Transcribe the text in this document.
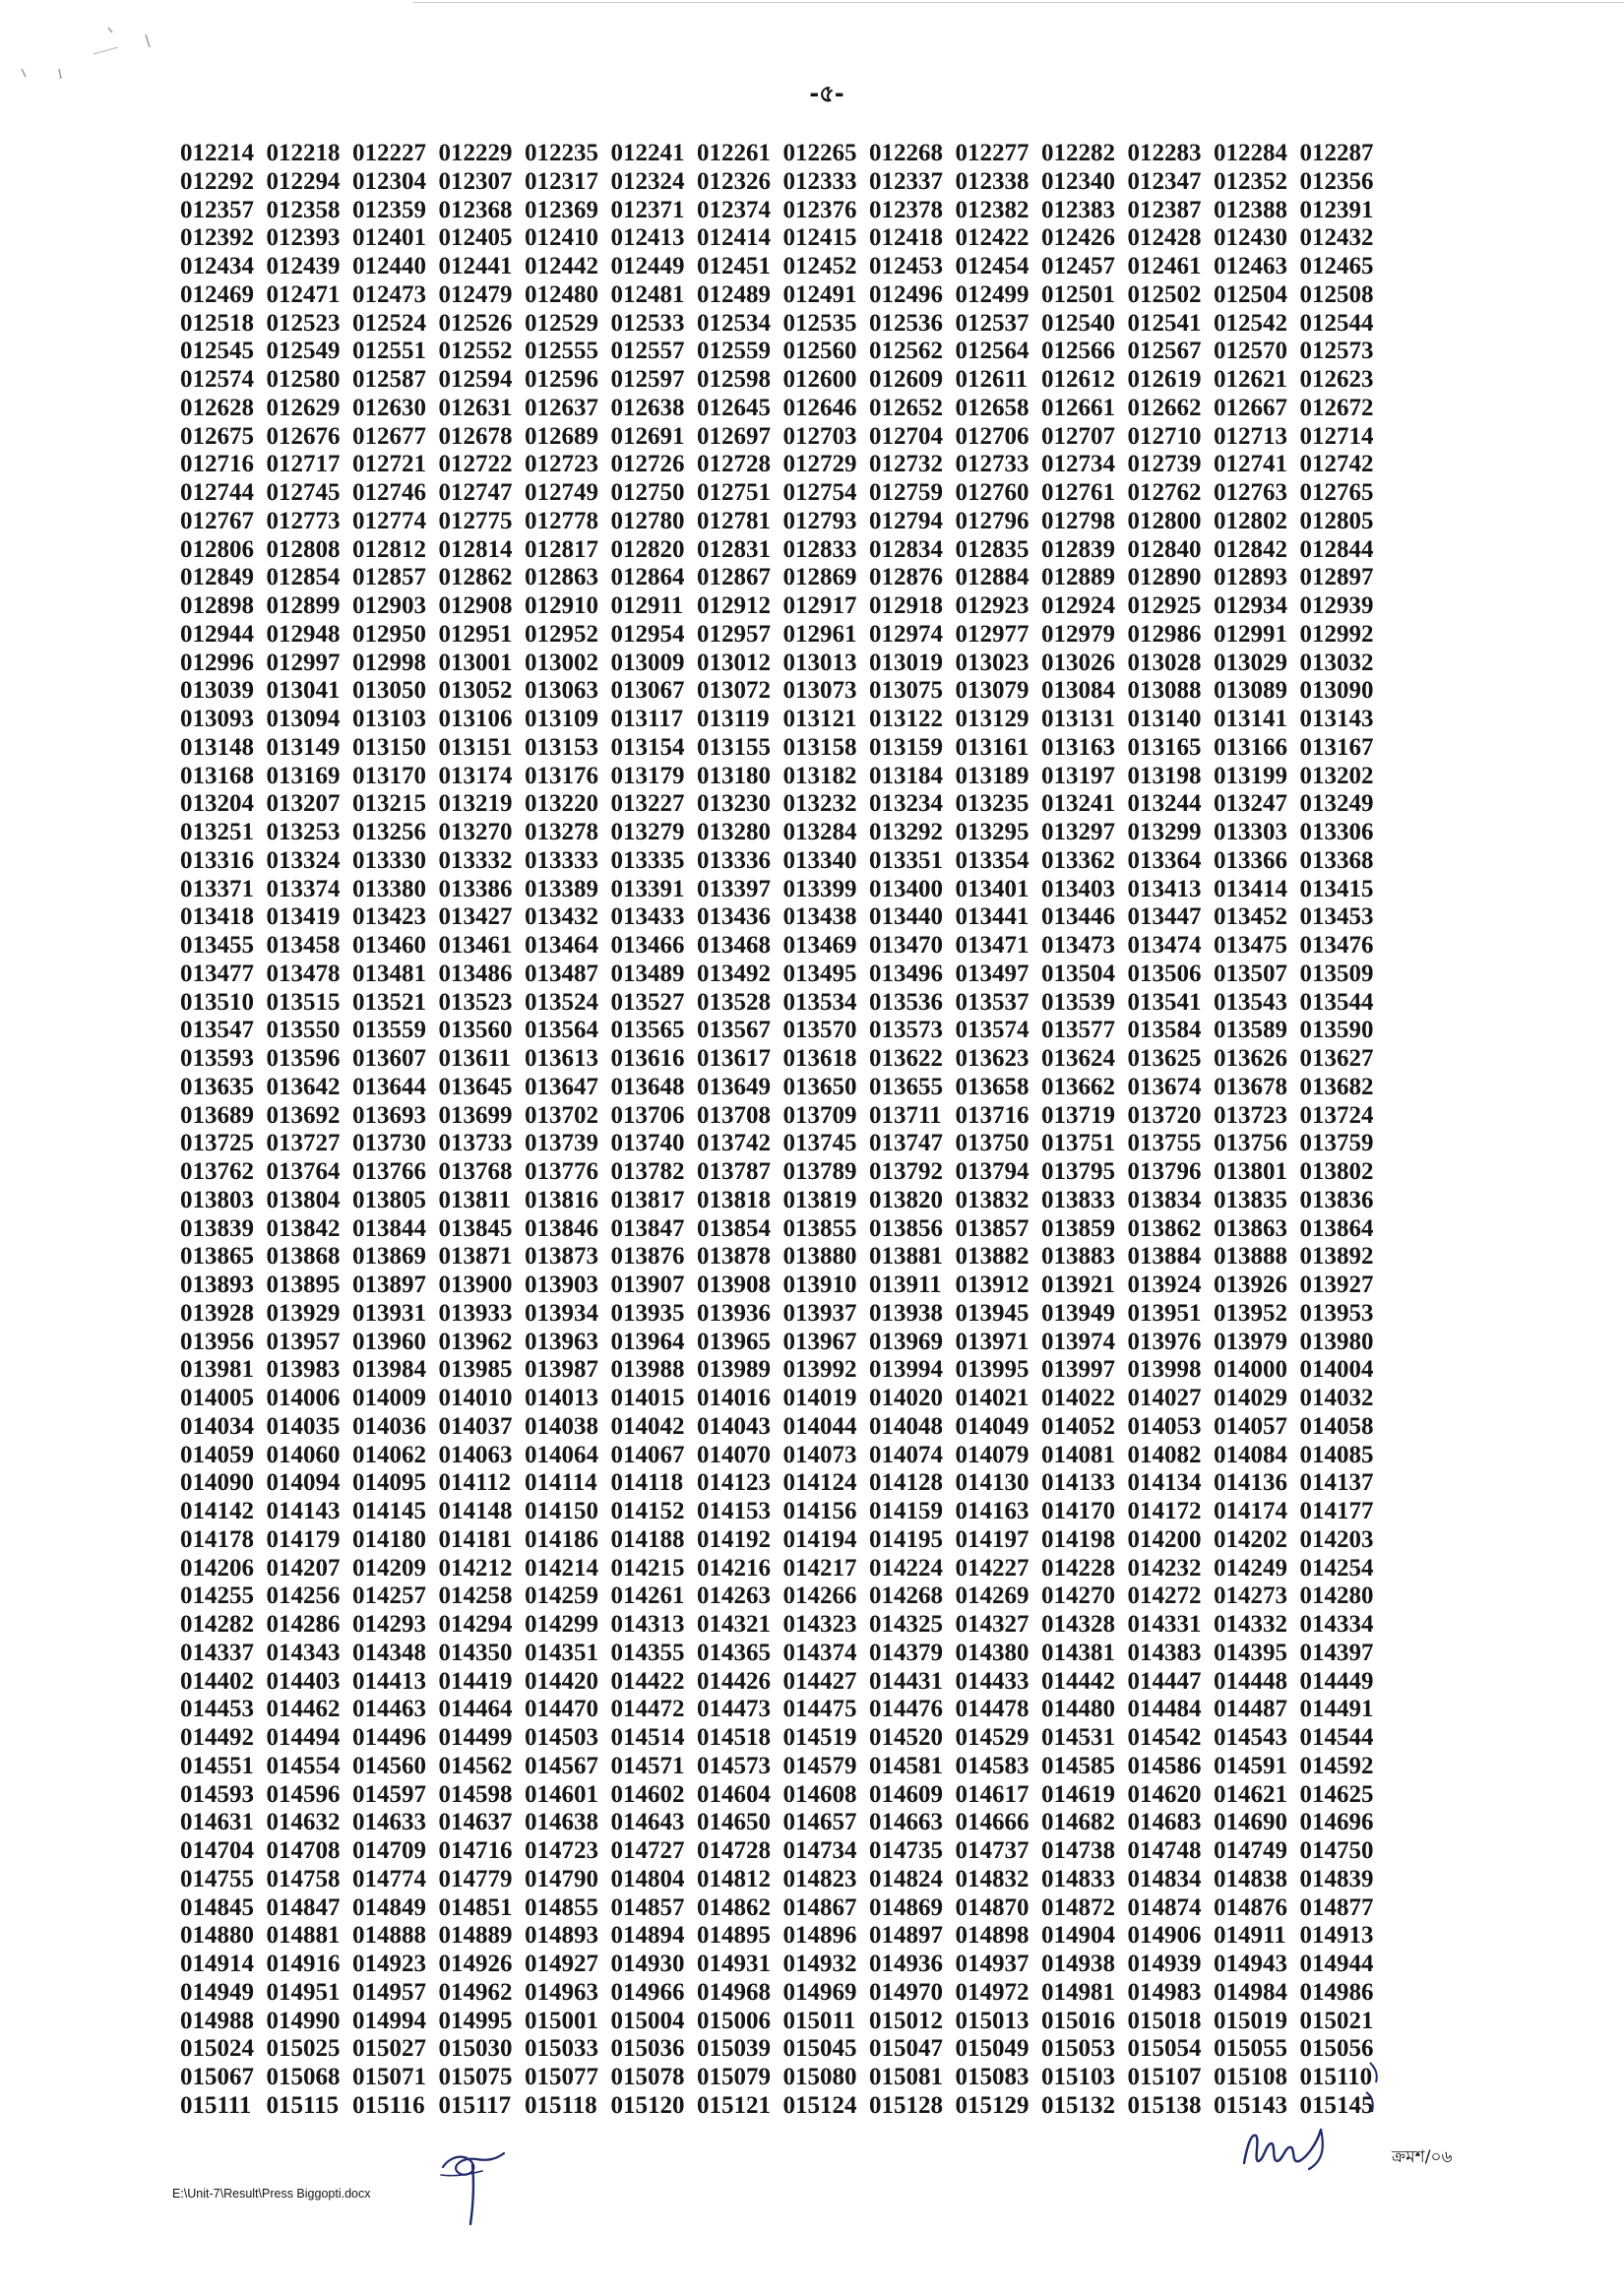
-৫-
012214 012218 012227 012229 012235 012241 012261 012265 012268 012277 012282 012283 012284 012287
012292 012294 012304 012307 012317 012324 012326 012333 012337 012338 012340 012347 012352 012356
012357 012358 012359 012368 012369 012371 012374 012376 012378 012382 012383 012387 012388 012391
012392 012393 012401 012405 012410 012413 012414 012415 012418 012422 012426 012428 012430 012432
012434 012439 012440 012441 012442 012449 012451 012452 012453 012454 012457 012461 012463 012465
012469 012471 012473 012479 012480 012481 012489 012491 012496 012499 012501 012502 012504 012508
012518 012523 012524 012526 012529 012533 012534 012535 012536 012537 012540 012541 012542 012544
012545 012549 012551 012552 012555 012557 012559 012560 012562 012564 012566 012567 012570 012573
012574 012580 012587 012594 012596 012597 012598 012600 012609 012611 012612 012619 012621 012623
012628 012629 012630 012631 012637 012638 012645 012646 012652 012658 012661 012662 012667 012672
012675 012676 012677 012678 012689 012691 012697 012703 012704 012706 012707 012710 012713 012714
012716 012717 012721 012722 012723 012726 012728 012729 012732 012733 012734 012739 012741 012742
012744 012745 012746 012747 012749 012750 012751 012754 012759 012760 012761 012762 012763 012765
012767 012773 012774 012775 012778 012780 012781 012793 012794 012796 012798 012800 012802 012805
012806 012808 012812 012814 012817 012820 012831 012833 012834 012835 012839 012840 012842 012844
012849 012854 012857 012862 012863 012864 012867 012869 012876 012884 012889 012890 012893 012897
012898 012899 012903 012908 012910 012911 012912 012917 012918 012923 012924 012925 012934 012939
012944 012948 012950 012951 012952 012954 012957 012961 012974 012977 012979 012986 012991 012992
012996 012997 012998 013001 013002 013009 013012 013013 013019 013023 013026 013028 013029 013032
013039 013041 013050 013052 013063 013067 013072 013073 013075 013079 013084 013088 013089 013090
013093 013094 013103 013106 013109 013117 013119 013121 013122 013129 013131 013140 013141 013143
013148 013149 013150 013151 013153 013154 013155 013158 013159 013161 013163 013165 013166 013167
013168 013169 013170 013174 013176 013179 013180 013182 013184 013189 013197 013198 013199 013202
013204 013207 013215 013219 013220 013227 013230 013232 013234 013235 013241 013244 013247 013249
013251 013253 013256 013270 013278 013279 013280 013284 013292 013295 013297 013299 013303 013306
013316 013324 013330 013332 013333 013335 013336 013340 013351 013354 013362 013364 013366 013368
013371 013374 013380 013386 013389 013391 013397 013399 013400 013401 013403 013413 013414 013415
013418 013419 013423 013427 013432 013433 013436 013438 013440 013441 013446 013447 013452 013453
013455 013458 013460 013461 013464 013466 013468 013469 013470 013471 013473 013474 013475 013476
013477 013478 013481 013486 013487 013489 013492 013495 013496 013497 013504 013506 013507 013509
013510 013515 013521 013523 013524 013527 013528 013534 013536 013537 013539 013541 013543 013544
013547 013550 013559 013560 013564 013565 013567 013570 013573 013574 013577 013584 013589 013590
013593 013596 013607 013611 013613 013616 013617 013618 013622 013623 013624 013625 013626 013627
013635 013642 013644 013645 013647 013648 013649 013650 013655 013658 013662 013674 013678 013682
013689 013692 013693 013699 013702 013706 013708 013709 013711 013716 013719 013720 013723 013724
013725 013727 013730 013733 013739 013740 013742 013745 013747 013750 013751 013755 013756 013759
013762 013764 013766 013768 013776 013782 013787 013789 013792 013794 013795 013796 013801 013802
013803 013804 013805 013811 013816 013817 013818 013819 013820 013832 013833 013834 013835 013836
013839 013842 013844 013845 013846 013847 013854 013855 013856 013857 013859 013862 013863 013864
013865 013868 013869 013871 013873 013876 013878 013880 013881 013882 013883 013884 013888 013892
013893 013895 013897 013900 013903 013907 013908 013910 013911 013912 013921 013924 013926 013927
013928 013929 013931 013933 013934 013935 013936 013937 013938 013945 013949 013951 013952 013953
013956 013957 013960 013962 013963 013964 013965 013967 013969 013971 013974 013976 013979 013980
013981 013983 013984 013985 013987 013988 013989 013992 013994 013995 013997 013998 014000 014004
014005 014006 014009 014010 014013 014015 014016 014019 014020 014021 014022 014027 014029 014032
014034 014035 014036 014037 014038 014042 014043 014044 014048 014049 014052 014053 014057 014058
014059 014060 014062 014063 014064 014067 014070 014073 014074 014079 014081 014082 014084 014085
014090 014094 014095 014112 014114 014118 014123 014124 014128 014130 014133 014134 014136 014137
014142 014143 014145 014148 014150 014152 014153 014156 014159 014163 014170 014172 014174 014177
014178 014179 014180 014181 014186 014188 014192 014194 014195 014197 014198 014200 014202 014203
014206 014207 014209 014212 014214 014215 014216 014217 014224 014227 014228 014232 014249 014254
014255 014256 014257 014258 014259 014261 014263 014266 014268 014269 014270 014272 014273 014280
014282 014286 014293 014294 014299 014313 014321 014323 014325 014327 014328 014331 014332 014334
014337 014343 014348 014350 014351 014355 014365 014374 014379 014380 014381 014383 014395 014397
014402 014403 014413 014419 014420 014422 014426 014427 014431 014433 014442 014447 014448 014449
014453 014462 014463 014464 014470 014472 014473 014475 014476 014478 014480 014484 014487 014491
014492 014494 014496 014499 014503 014514 014518 014519 014520 014529 014531 014542 014543 014544
014551 014554 014560 014562 014567 014571 014573 014579 014581 014583 014585 014586 014591 014592
014593 014596 014597 014598 014601 014602 014604 014608 014609 014617 014619 014620 014621 014625
014631 014632 014633 014637 014638 014643 014650 014657 014663 014666 014682 014683 014690 014696
014704 014708 014709 014716 014723 014727 014728 014734 014735 014737 014738 014748 014749 014750
014755 014758 014774 014779 014790 014804 014812 014823 014824 014832 014833 014834 014838 014839
014845 014847 014849 014851 014855 014857 014862 014867 014869 014870 014872 014874 014876 014877
014880 014881 014888 014889 014893 014894 014895 014896 014897 014898 014904 014906 014911 014913
014914 014916 014923 014926 014927 014930 014931 014932 014936 014937 014938 014939 014943 014944
014949 014951 014957 014962 014963 014966 014968 014969 014970 014972 014981 014983 014984 014986
014988 014990 014994 014995 015001 015004 015006 015011 015012 015013 015016 015018 015019 015021
015024 015025 015027 015030 015033 015036 015039 015045 015047 015049 015053 015054 015055 015056
015067 015068 015071 015075 015077 015078 015079 015080 015081 015083 015103 015107 015108 015110
015111 015115 015116 015117 015118 015120 015121 015124 015128 015129 015132 015138 015143 015145
E:\Unit-7\Result\Press Biggopti.docx
ক্রমশ/০৬
